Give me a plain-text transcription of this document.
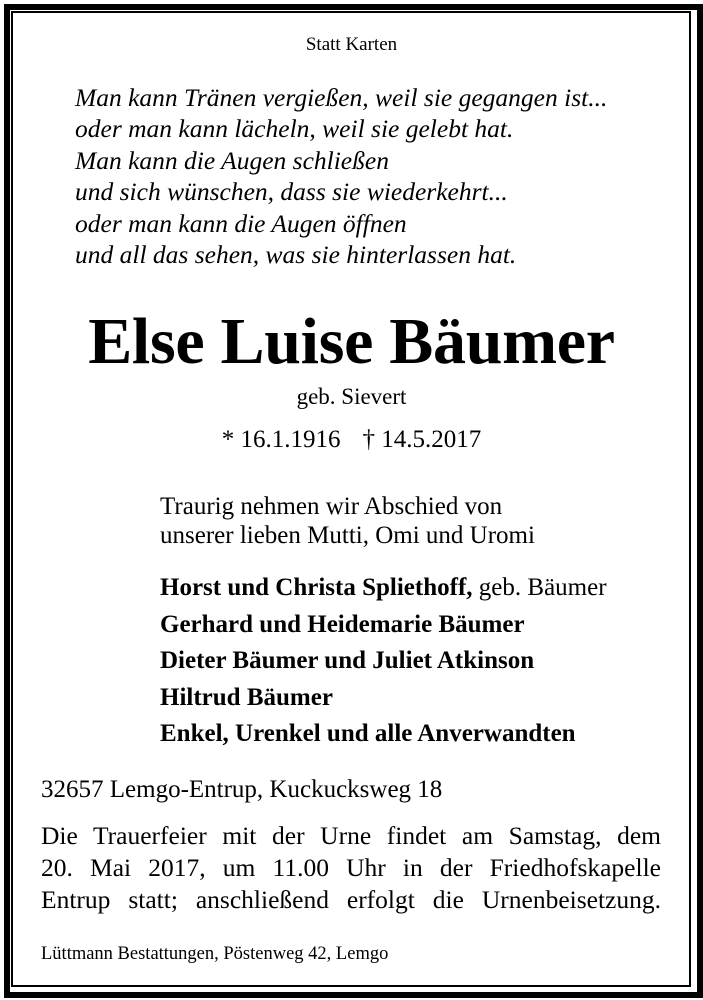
Statt Karten

Man kann Tränen vergießen, weil sie gegangen ist...
oder man kann lächeln, weil sie gelebt hat.
Man kann die Augen schließen
und sich wünschen, dass sie wiederkehrt...
oder man kann die Augen öffnen
und all das sehen, was sie hinterlassen hat.
Else Luise Bäumer

geb. Sievert

* 16.1.1916 † 14.5.2017

Traurig nehmen wir Abschied von
unserer lieben Mutti, Omi und Uromi
Horst und Christa Spliethoff, geb. Bäumer
Gerhard und Heidemarie Bäumer
Dieter Bäumer und Juliet Atkinson
Hiltrud Bäumer
Enkel, Urenkel und alle Anverwandten

32657 Lemgo-Entrup, Kuckucksweg 18

Die Trauerfeier mit der Urne findet am Samstag, dem
20. Mai 2017, um 11.00 Uhr in der Friedhofskapelle
Entrup statt; anschließend erfolgt die Urnenbeisetzung.

Lüttmann Bestattungen, Pöstenweg 42, Lemgo
